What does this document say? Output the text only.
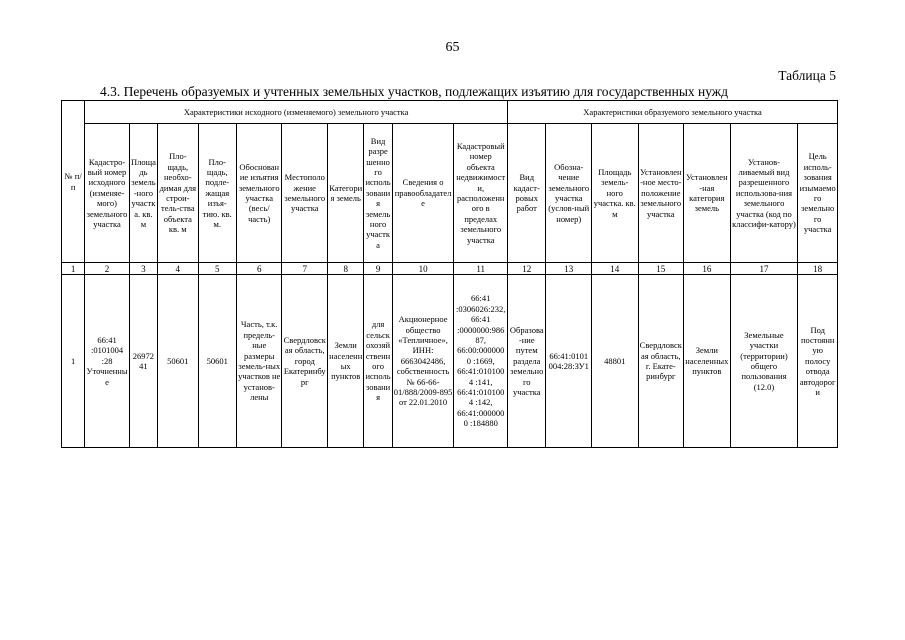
65
Таблица 5
4.3. Перечень образуемых и учтенных земельных участков, подлежащих изъятию для государственных нужд
№ п/п	Характеристики исходного (изменяемого) земельного участка										Характеристики образуемого земельного участка						
	Кадастро-вый номер исходного (изменяе-мого) земельного участка	Площадь земель-ного участка. кв. м	Пло-щадь, необхо-димая для строи-тель-ства объекта кв. м	Пло-щадь, подле-жащая изъя-тию. кв. м.	Обоснование изъятия земельного участка (весь/часть)	Местоположение земельного участка	Категория земель	Вид разрешенного использования земельного участка	Сведения о правообладателе	Кадастровый номер объекта недвижимости, расположенного в пределах земельного участка	Вид кадаст-ровых работ	Обозна-чение земельного участка (услов-ный номер)	Площадь земель-ного участка. кв. м	Установлен-ное место-положение земельного участка	Установлен-ная категория земель	Установ-ливаемый вид разрешенного использова-ния земельного участка (код по классифи-катору)	Цель исполь-зования изымаемого земельного участка
1	2	3	4	5	6	7	8	9	10	11	12	13	14	15	16	17	18
1	66:41 :0101004 :28 Уточненные	2697241	50601	50601	Часть, т.к. предель-ные размеры земель-ных участков не установ-лены	Свердловская область, город Екатеринбург	Земли населенных пунктов	для сельскохозяйственного использования	Акционерное общество «Тепличное», ИНН: 6663042486, собственность № 66-66-01/888/2009-895 от 22.01.2010	66:41 :0306026:232, 66:41 :0000000:98687, 66:00:0000000 :1669, 66:41:0101004 :141, 66:41:0101004 :142, 66:41:0000000 :184880	Образова-ние путем раздела земельного участка	66:41:0101004:28:ЗУ1	48801	Свердловская область, г. Екате-ринбург	Земли населенных пунктов	Земельные участки (территории) общего пользования (12.0)	Под постоянную полосу отвода автодороги
